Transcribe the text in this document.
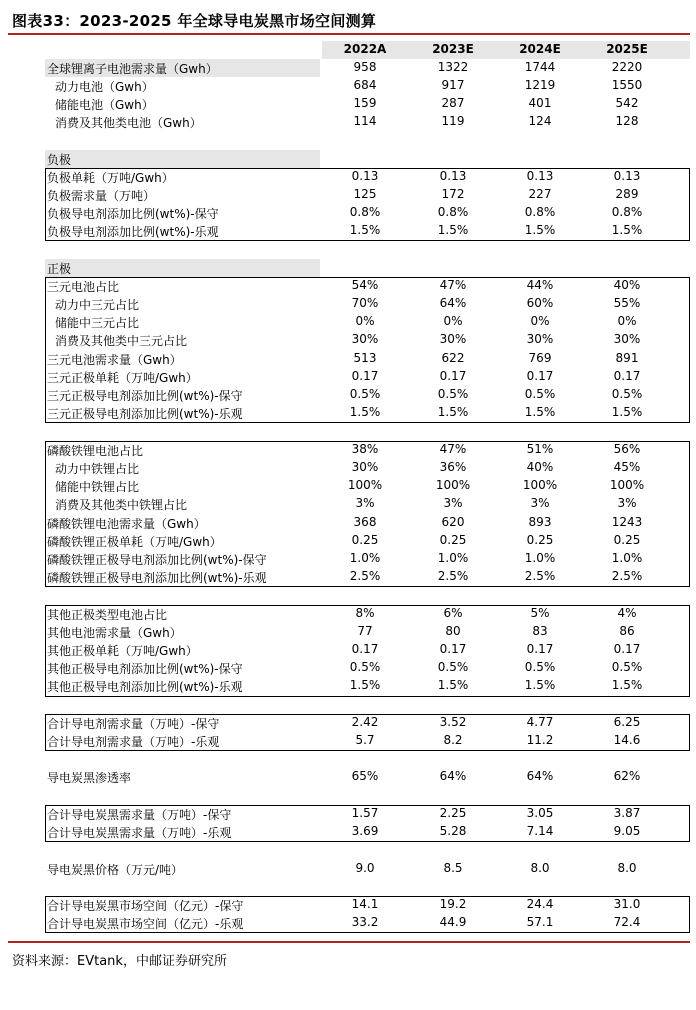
图表33：2023-2025 年全球导电炭黑市场空间测算
2022A	2023E	2024E	2025E
全球锂离子电池需求量（Gwh）	958	1322	1744	2220
动力电池（Gwh）	684	917	1219	1550
储能电池（Gwh）	159	287	401	542
消费及其他类电池（Gwh）	114	119	124	128
负极
负极单耗（万吨/Gwh）	0.13	0.13	0.13	0.13
负极需求量（万吨）	125	172	227	289
负极导电剂添加比例(wt%)-保守	0.8%	0.8%	0.8%	0.8%
负极导电剂添加比例(wt%)-乐观	1.5%	1.5%	1.5%	1.5%
正极
三元电池占比	54%	47%	44%	40%
动力中三元占比	70%	64%	60%	55%
储能中三元占比	0%	0%	0%	0%
消费及其他类中三元占比	30%	30%	30%	30%
三元电池需求量（Gwh）	513	622	769	891
三元正极单耗（万吨/Gwh）	0.17	0.17	0.17	0.17
三元正极导电剂添加比例(wt%)-保守	0.5%	0.5%	0.5%	0.5%
三元正极导电剂添加比例(wt%)-乐观	1.5%	1.5%	1.5%	1.5%
磷酸铁锂电池占比	38%	47%	51%	56%
动力中铁锂占比	30%	36%	40%	45%
储能中铁锂占比	100%	100%	100%	100%
消费及其他类中铁锂占比	3%	3%	3%	3%
磷酸铁锂电池需求量（Gwh）	368	620	893	1243
磷酸铁锂正极单耗（万吨/Gwh）	0.25	0.25	0.25	0.25
磷酸铁锂正极导电剂添加比例(wt%)-保守	1.0%	1.0%	1.0%	1.0%
磷酸铁锂正极导电剂添加比例(wt%)-乐观	2.5%	2.5%	2.5%	2.5%
其他正极类型电池占比	8%	6%	5%	4%
其他电池需求量（Gwh）	77	80	83	86
其他正极单耗（万吨/Gwh）	0.17	0.17	0.17	0.17
其他正极导电剂添加比例(wt%)-保守	0.5%	0.5%	0.5%	0.5%
其他正极导电剂添加比例(wt%)-乐观	1.5%	1.5%	1.5%	1.5%
合计导电剂需求量（万吨）-保守	2.42	3.52	4.77	6.25
合计导电剂需求量（万吨）-乐观	5.7	8.2	11.2	14.6
导电炭黑渗透率	65%	64%	64%	62%
合计导电炭黑需求量（万吨）-保守	1.57	2.25	3.05	3.87
合计导电炭黑需求量（万吨）-乐观	3.69	5.28	7.14	9.05
导电炭黑价格（万元/吨）	9.0	8.5	8.0	8.0
合计导电炭黑市场空间（亿元）-保守	14.1	19.2	24.4	31.0
合计导电炭黑市场空间（亿元）-乐观	33.2	44.9	57.1	72.4
资料来源：EVtank，中邮证券研究所
